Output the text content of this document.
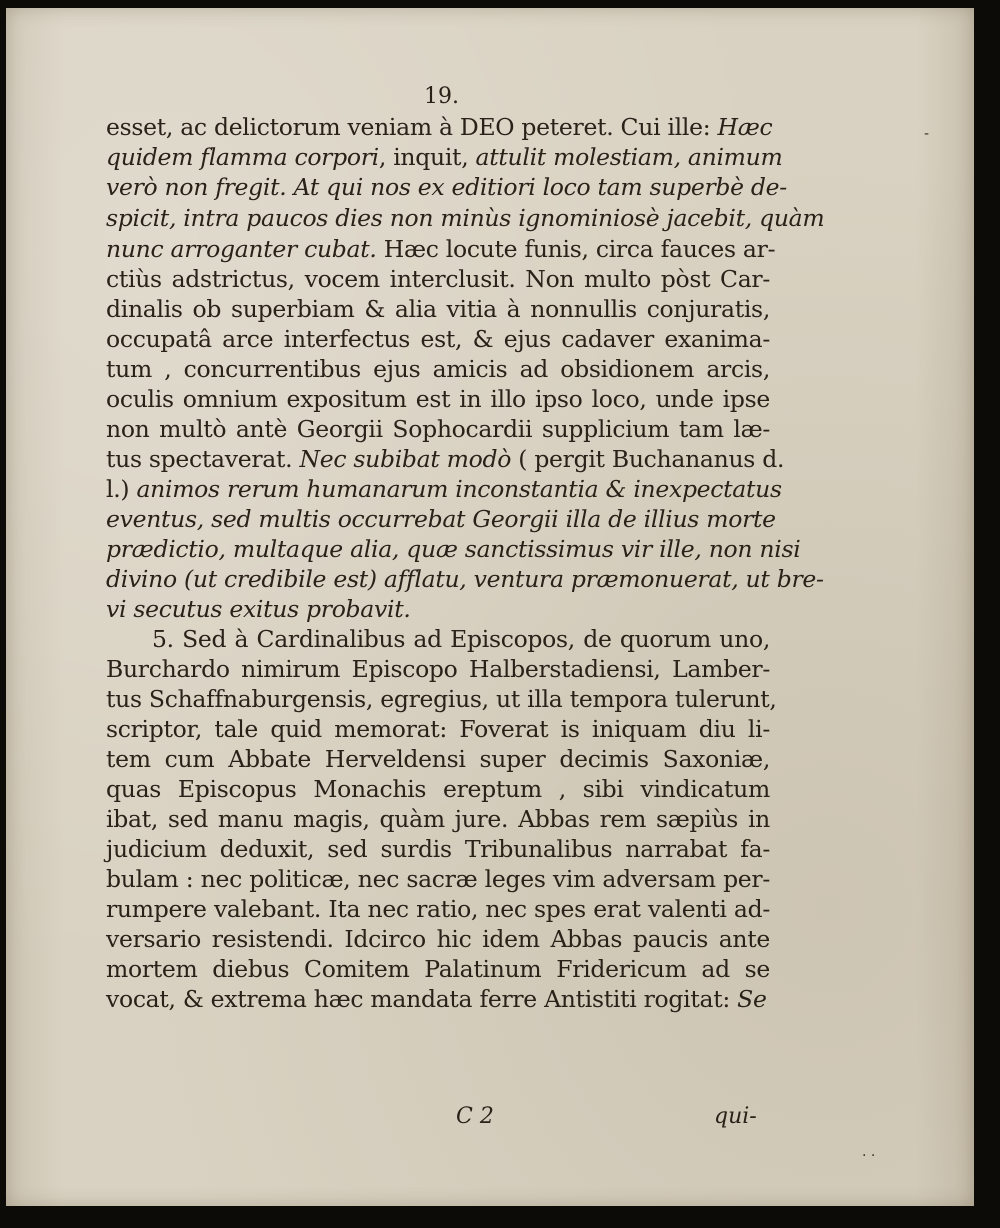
19.
esset, ac delictorum veniam à DEO peteret. Cui ille: Hæc
quidem flamma corpori, inquit, attulit molestiam, animum
verò non fregit. At qui nos ex editiori loco tam superbè de-
spicit, intra paucos dies non minùs ignominiosè jacebit, quàm
nunc arroganter cubat. Hæc locute funis, circa fauces ar-
ctiùs adstrictus, vocem interclusit. Non multo pòst Car-
dinalis ob superbiam & alia vitia à nonnullis conjuratis,
occupatâ arce interfectus est, & ejus cadaver exanima-
tum , concurrentibus ejus amicis ad obsidionem arcis,
oculis omnium expositum est in illo ipso loco, unde ipse
non multò antè Georgii Sophocardii supplicium tam læ-
tus spectaverat. Nec subibat modò ( pergit Buchananus d.
l.) animos rerum humanarum inconstantia & inexpectatus
eventus, sed multis occurrebat Georgii illa de illius morte
prædictio, multaque alia, quæ sanctissimus vir ille, non nisi
divino (ut credibile est) afflatu, ventura præmonuerat, ut bre-
vi secutus exitus probavit.
5. Sed à Cardinalibus ad Episcopos, de quorum uno,
Burchardo nimirum Episcopo Halberstadiensi, Lamber-
tus Schaffnaburgensis, egregius, ut illa tempora tulerunt,
scriptor, tale quid memorat: Foverat is iniquam diu li-
tem cum Abbate Herveldensi super decimis Saxoniæ,
quas Episcopus Monachis ereptum , sibi vindicatum
ibat, sed manu magis, quàm jure. Abbas rem sæpiùs in
judicium deduxit, sed surdis Tribunalibus narrabat fa-
bulam : nec politicæ, nec sacræ leges vim adversam per-
rumpere valebant. Ita nec ratio, nec spes erat valenti ad-
versario resistendi. Idcirco hic idem Abbas paucis ante
mortem diebus Comitem Palatinum Fridericum ad se
vocat, & extrema hæc mandata ferre Antistiti rogitat: Se
C 2	qui-
‐
· ·
